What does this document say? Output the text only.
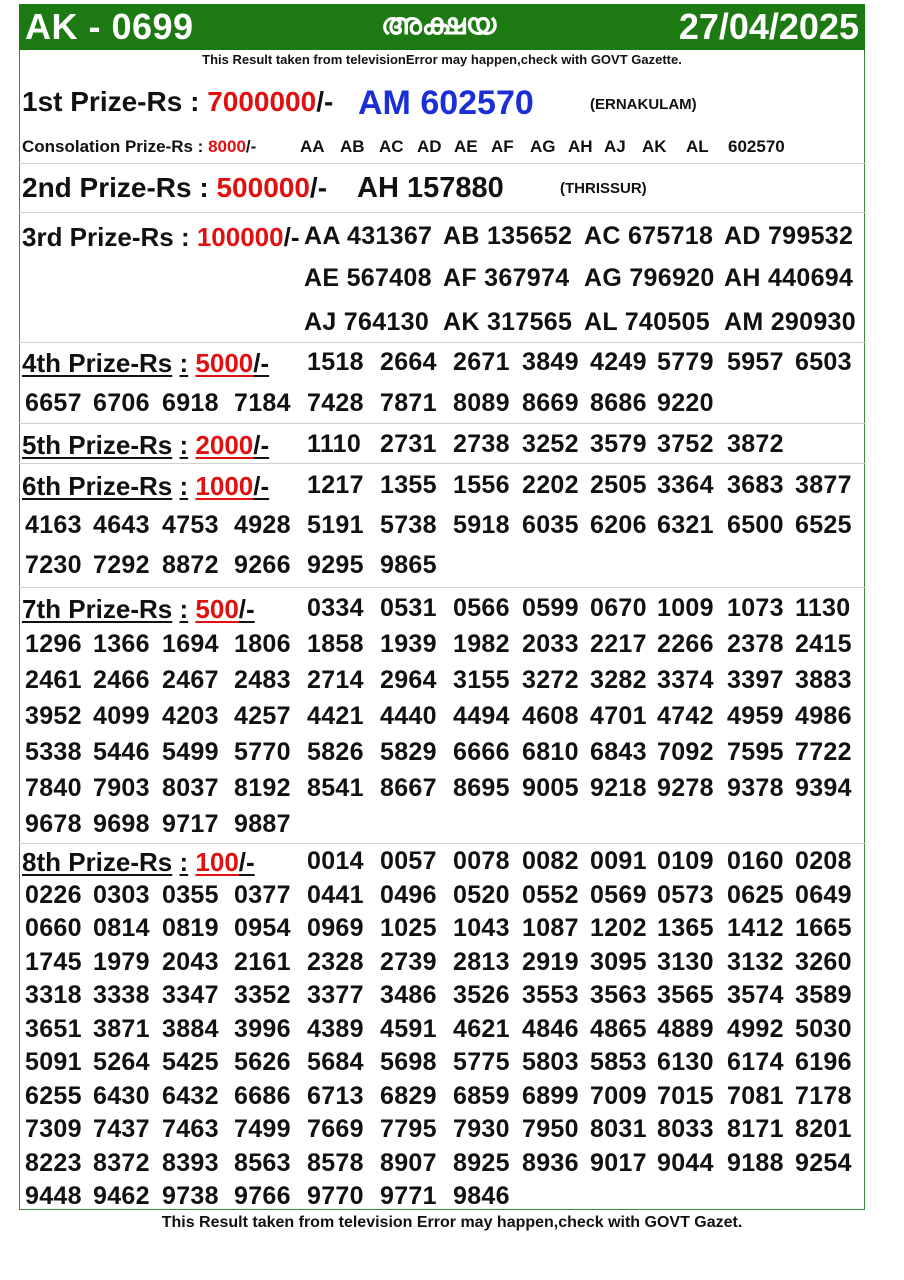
AK - 0699	അക്ഷയ	27/04/2025
This Result taken from televisionError may happen,check with GOVT Gazette.
1st Prize-Rs : 7000000/- AM 602570	(ERNAKULAM)
Consolation Prize-Rs : 8000/-	AA AB AC AD AE AF AG AH AJ AK AL 602570
2nd Prize-Rs : 500000/- AH 157880	(THRISSUR)
3rd Prize-Rs : 100000/- AA 431367 AB 135652 AC 675718 AD 799532
AE 567408 AF 367974 AG 796920 AH 440694
AJ 764130 AK 317565 AL 740505 AM 290930
4th Prize-Rs : 5000/- 1518 2664 2671 3849 4249 5779 5957 6503
6657 6706 6918 7184 7428 7871 8089 8669 8686 9220
5th Prize-Rs : 2000/- 1110 2731 2738 3252 3579 3752 3872
6th Prize-Rs : 1000/- 1217 1355 1556 2202 2505 3364 3683 3877
4163 4643 4753 4928 5191 5738 5918 6035 6206 6321 6500 6525
7230 7292 8872 9266 9295 9865
7th Prize-Rs : 500/- 0334 0531 0566 0599 0670 1009 1073 1130
1296 1366 1694 1806 1858 1939 1982 2033 2217 2266 2378 2415
2461 2466 2467 2483 2714 2964 3155 3272 3282 3374 3397 3883
3952 4099 4203 4257 4421 4440 4494 4608 4701 4742 4959 4986
5338 5446 5499 5770 5826 5829 6666 6810 6843 7092 7595 7722
7840 7903 8037 8192 8541 8667 8695 9005 9218 9278 9378 9394
9678 9698 9717 9887
8th Prize-Rs : 100/- 0014 0057 0078 0082 0091 0109 0160 0208
0226 0303 0355 0377 0441 0496 0520 0552 0569 0573 0625 0649
0660 0814 0819 0954 0969 1025 1043 1087 1202 1365 1412 1665
1745 1979 2043 2161 2328 2739 2813 2919 3095 3130 3132 3260
3318 3338 3347 3352 3377 3486 3526 3553 3563 3565 3574 3589
3651 3871 3884 3996 4389 4591 4621 4846 4865 4889 4992 5030
5091 5264 5425 5626 5684 5698 5775 5803 5853 6130 6174 6196
6255 6430 6432 6686 6713 6829 6859 6899 7009 7015 7081 7178
7309 7437 7463 7499 7669 7795 7930 7950 8031 8033 8171 8201
8223 8372 8393 8563 8578 8907 8925 8936 9017 9044 9188 9254
9448 9462 9738 9766 9770 9771 9846
This Result taken from television Error may happen,check with GOVT Gazet.
